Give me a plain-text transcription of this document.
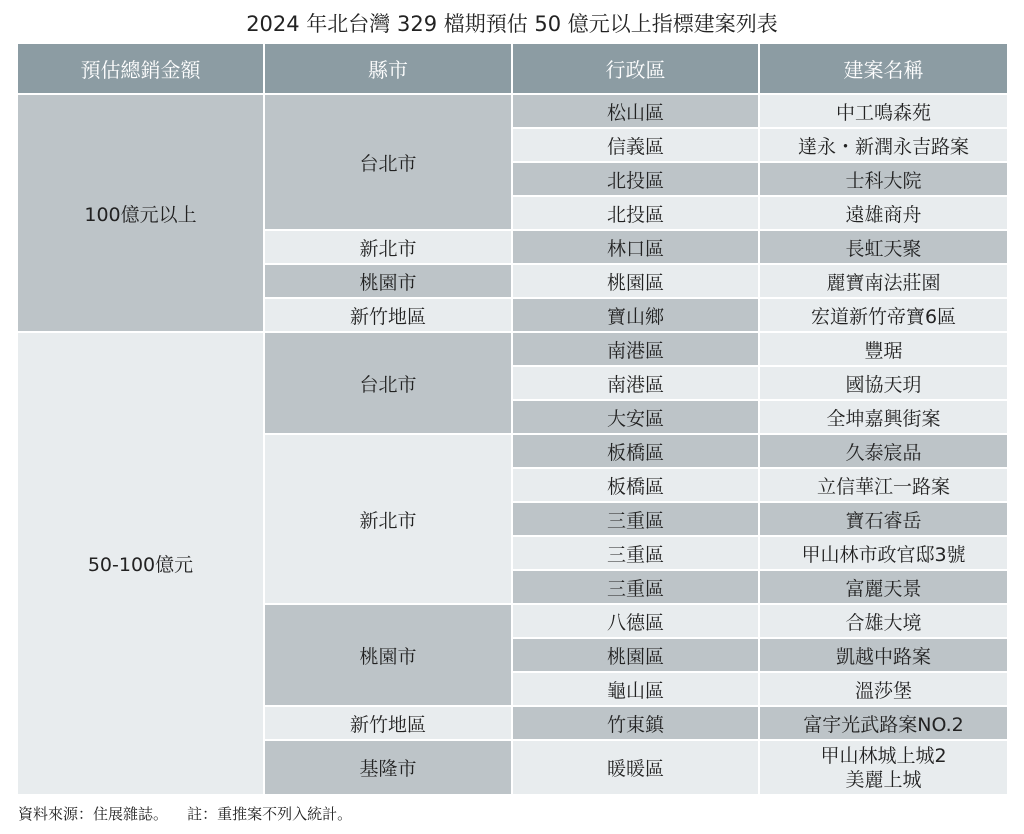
2024 年北台灣 329 檔期預估 50 億元以上指標建案列表
預估總銷金額	縣市	行政區	建案名稱
100億元以上	台北市	松山區	中工鳴森苑
		信義區	達永・新潤永吉路案
		北投區	士科大院
		北投區	遠雄商舟
	新北市	林口區	長虹天聚
	桃園市	桃園區	麗寶南法莊園
	新竹地區	寶山鄉	宏道新竹帝寶6區
50-100億元	台北市	南港區	豐琚
		南港區	國協天玥
		大安區	全坤嘉興街案
	新北市	板橋區	久泰宸品
		板橋區	立信華江一路案
		三重區	寶石睿岳
		三重區	甲山林市政官邸3號
		三重區	富麗天景
	桃園市	八德區	合雄大境
		桃園區	凱越中路案
		龜山區	溫莎堡
	新竹地區	竹東鎮	富宇光武路案NO.2
	基隆市	暖暖區	甲山林城上城2
美麗上城
資料來源：住展雜誌。    註：重推案不列入統計。
